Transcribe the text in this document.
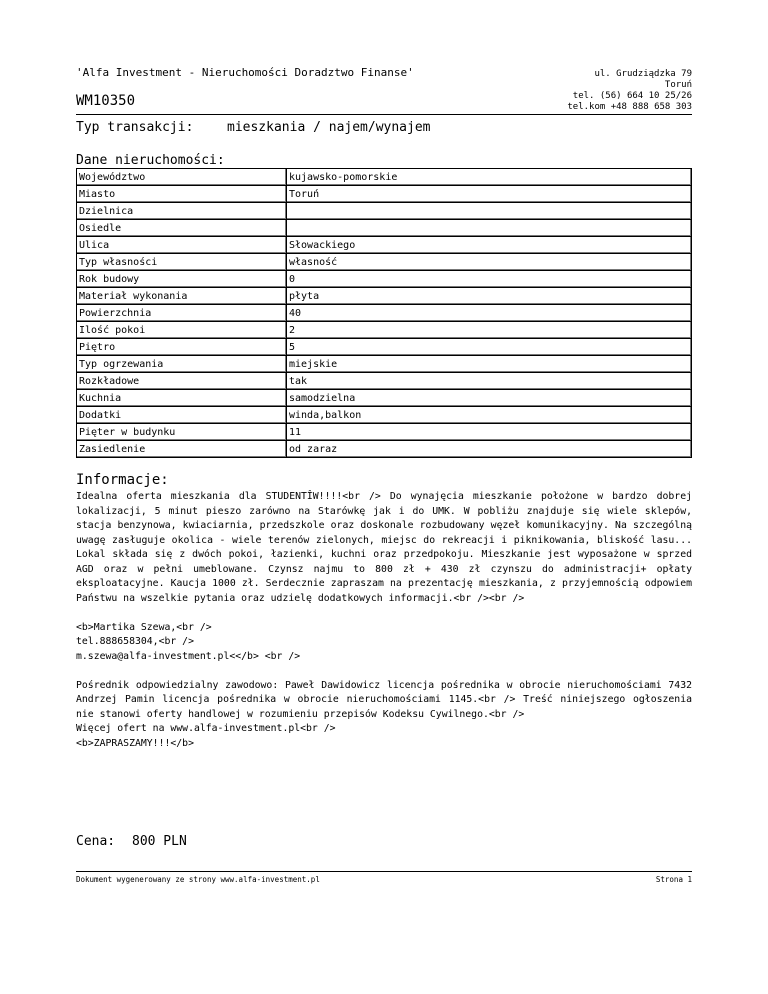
'Alfa Investment - Nieruchomości Doradztwo Finanse'	ul. Grudziądzka 79
Toruń
tel. (56) 664 10 25/26
tel.kom +48 888 658 303
WM10350
Typ transakcji:	mieszkania / najem/wynajem
Dane nieruchomości:
Województwo	kujawsko-pomorskie
Miasto	Toruń
Dzielnica	
Osiedle	
Ulica	Słowackiego
Typ własności	własność
Rok budowy	0
Materiał wykonania	płyta
Powierzchnia	40
Ilość pokoi	2
Piętro	5
Typ ogrzewania	miejskie
Rozkładowe	tak
Kuchnia	samodzielna
Dodatki	winda,balkon
Pięter w budynku	11
Zasiedlenie	od zaraz
Informacje:

Idealna oferta mieszkania dla STUDENTÎW!!!!<br /> Do wynajęcia mieszkanie położone w bardzo dobrej lokalizacji, 5 minut pieszo zarówno na Starówkę jak i do UMK. W pobliżu znajduje się wiele sklepów, stacja benzynowa, kwiaciarnia, przedszkole oraz doskonale rozbudowany węzeł komunikacyjny. Na szczególną uwagę zasługuje okolica - wiele terenów zielonych, miejsc do rekreacji i piknikowania, bliskość lasu... Lokal składa się z dwóch pokoi, łazienki, kuchni oraz przedpokoju. Mieszkanie jest wyposażone w sprzed AGD oraz w pełni umeblowane. Czynsz najmu to 800 zł + 430 zł czynszu do administracji+ opłaty eksploatacyjne. Kaucja 1000 zł. Serdecznie zapraszam na prezentację mieszkania, z przyjemnością odpowiem Państwu na wszelkie pytania oraz udzielę dodatkowych informacji.<br /><br />

<b>Martika Szewa,<br />
tel.888658304,<br />
m.szewa@alfa-investment.pl<</b> <br />

Pośrednik odpowiedzialny zawodowo: Paweł Dawidowicz licencja pośrednika w obrocie nieruchomościami 7432 Andrzej Pamin licencja pośrednika w obrocie nieruchomościami 1145.<br /> Treść niniejszego ogłoszenia nie stanowi oferty handlowej w rozumieniu przepisów Kodeksu Cywilnego.<br />
Więcej ofert na www.alfa-investment.pl<br />
<b>ZAPRASZAMY!!!</b>

Cena: 800 PLN
Dokument wygenerowany ze strony www.alfa-investment.pl	Strona 1
